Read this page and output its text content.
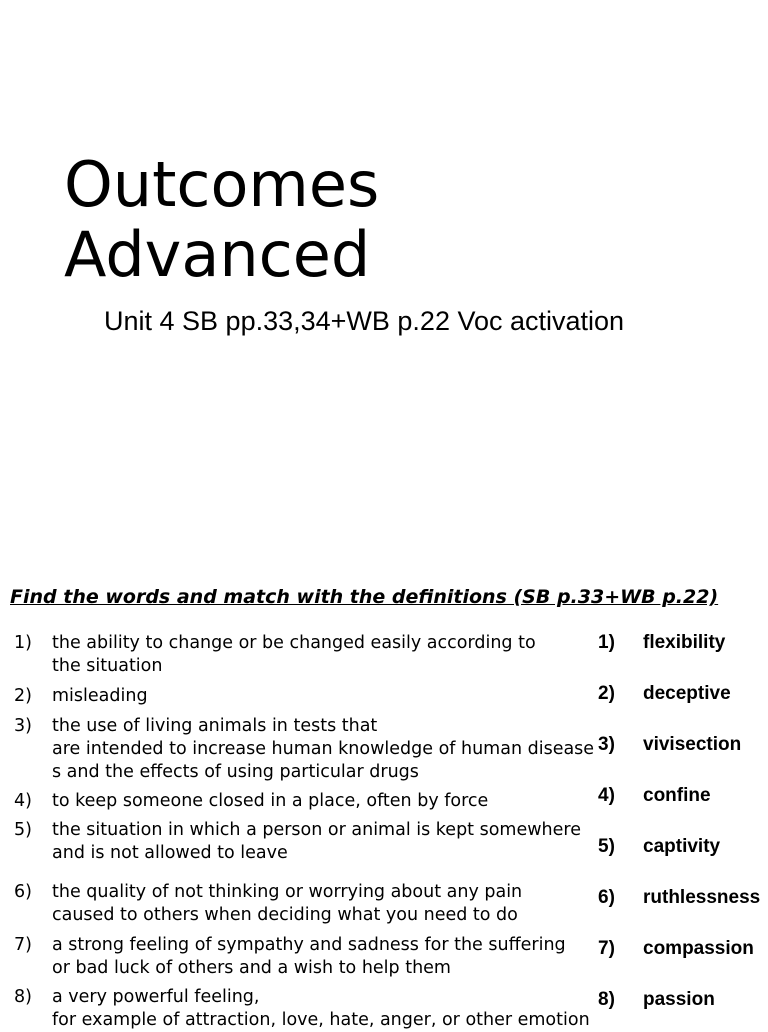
Outcomes
Advanced
Unit 4 SB pp.33,34+WB p.22 Voc activation
Find the words and match with the definitions (SB p.33+WB p.22)
1) the ability to change or be changed easily according to
the situation
2) misleading
3) the use of living animals in tests that
are intended to increase human knowledge of human disease
s and the effects of using particular drugs
4) to keep someone closed in a place, often by force
5) the situation in which a person or animal is kept somewhere
and is not allowed to leave
6) the quality of not thinking or worrying about any pain
caused to others when deciding what you need to do
7) a strong feeling of sympathy and sadness for the suffering
or bad luck of others and a wish to help them
8) a very powerful feeling,
for example of attraction, love, hate, anger, or other emotion
1) flexibility
2) deceptive
3) vivisection
4) confine
5) captivity
6) ruthlessness
7) compassion
8) passion
